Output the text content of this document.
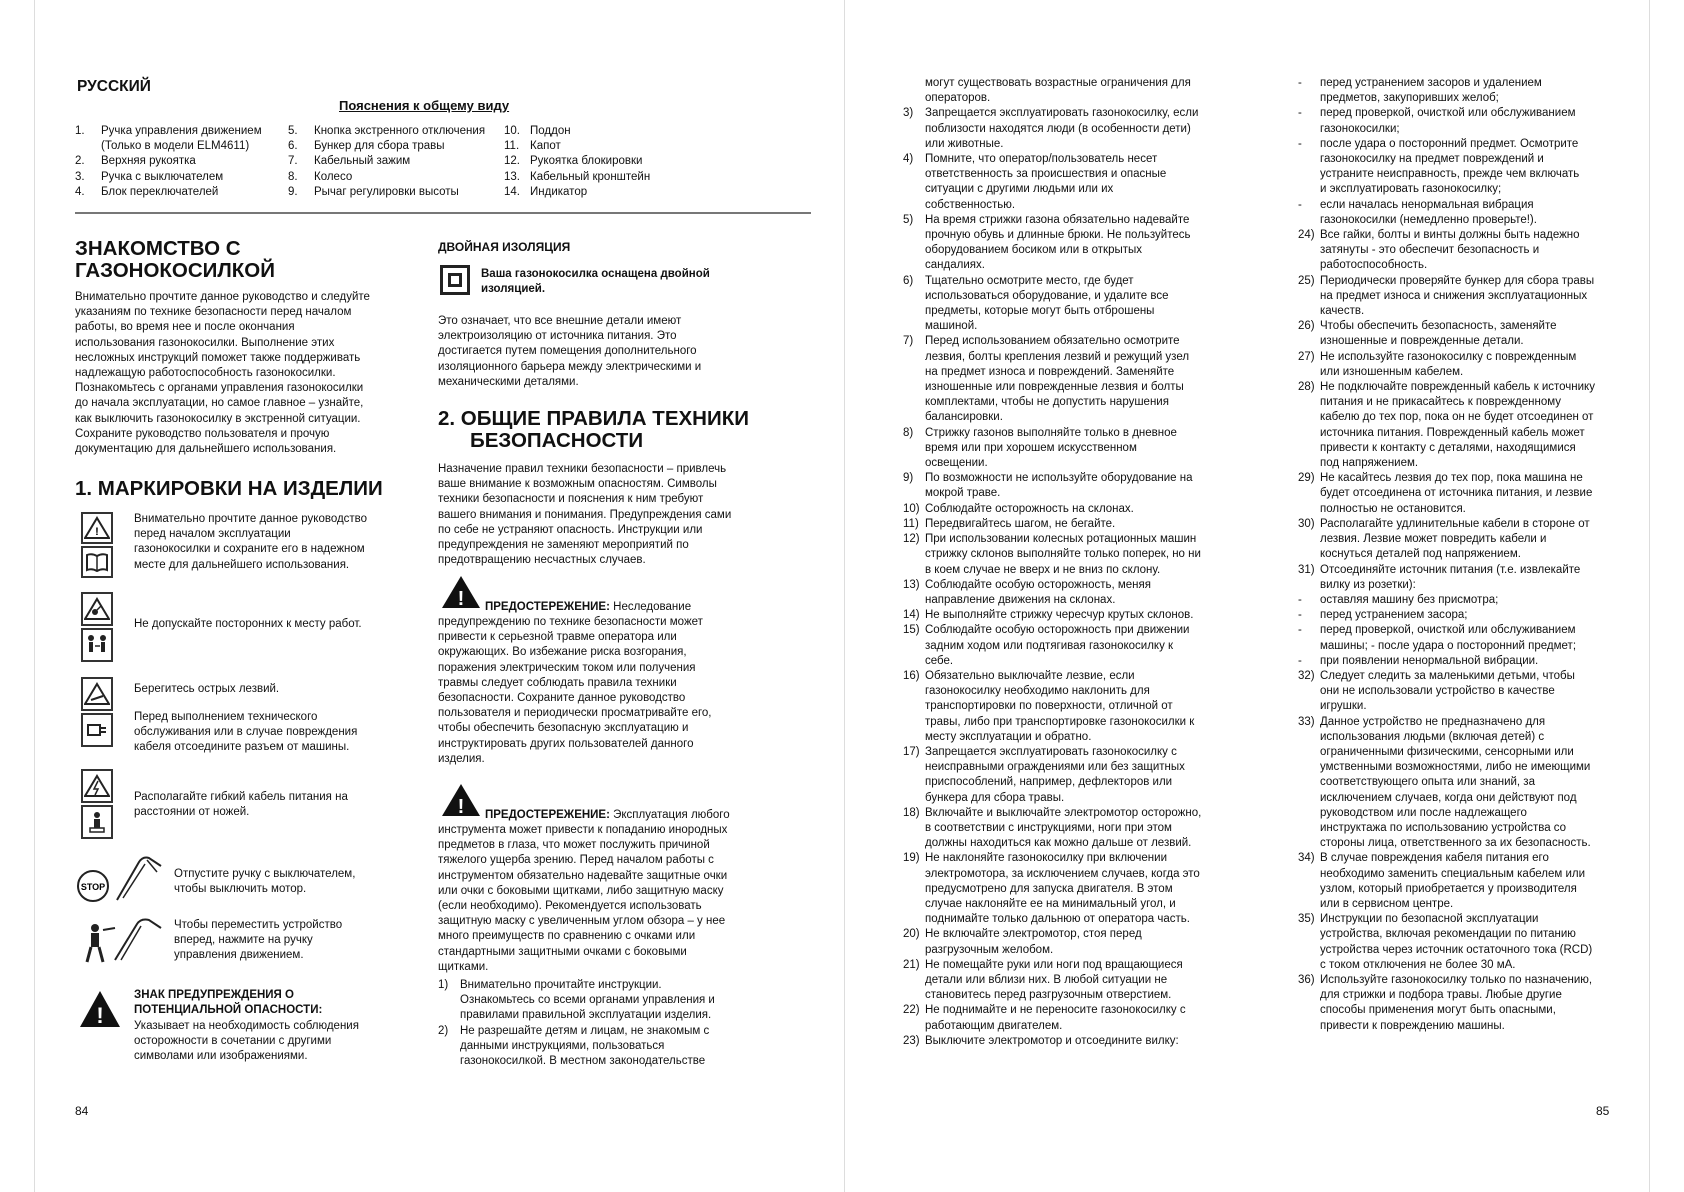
РУССКИЙ
Пояснения к общему виду
1. Ручка управления движением
(Только в модели ELM4611)
2. Верхняя рукоятка
3. Ручка с выключателем
4. Блок переключателей
5. Кнопка экстренного отключения
6. Бункер для сбора травы
7. Кабельный зажим
8. Колесо
9. Рычаг регулировки высоты
10. Поддон
11. Капот
12. Рукоятка блокировки
13. Кабельный кронштейн
14. Индикатор
ЗНАКОМСТВО С
ГАЗОНОКОСИЛКОЙ
Внимательно прочтите данное руководство и следуйте
указаниям по технике безопасности перед началом
работы, во время нее и после окончания
использования газонокосилки. Выполнение этих
несложных инструкций поможет также поддерживать
надлежащую работоспособность газонокосилки.
Познакомьтесь с органами управления газонокосилки
до начала эксплуатации, но самое главное – узнайте,
как выключить газонокосилку в экстренной ситуации.
Сохраните руководство пользователя и прочую
документацию для дальнейшего использования.
1. МАРКИРОВКИ НА ИЗДЕЛИИ
!
Внимательно прочтите данное руководство
перед началом эксплуатации
газонокосилки и сохраните его в надежном
месте для дальнейшего использования.
Не допускайте посторонних к месту работ.
Берегитесь острых лезвий.
Перед выполнением технического
обслуживания или в случае повреждения
кабеля отсоедините разъем от машины.
Располагайте гибкий кабель питания на
расстоянии от ножей.
STOP
Отпустите ручку с выключателем,
чтобы выключить мотор.
Чтобы переместить устройство
вперед, нажмите на ручку
управления движением.
!
ЗНАК ПРЕДУПРЕЖДЕНИЯ О
ПОТЕНЦИАЛЬНОЙ ОПАСНОСТИ:
Указывает на необходимость соблюдения
осторожности в сочетании с другими
символами или изображениями.
ДВОЙНАЯ ИЗОЛЯЦИЯ
Ваша газонокосилка оснащена двойной
изоляцией.
Это означает, что все внешние детали имеют
электроизоляцию от источника питания. Это
достигается путем помещения дополнительного
изоляционного барьера между электрическими и
механическими деталями.
2. ОБЩИЕ ПРАВИЛА ТЕХНИКИ
БЕЗОПАСНОСТИ
Назначение правил техники безопасности – привлечь
ваше внимание к возможным опасностям. Символы
техники безопасности и пояснения к ним требуют
вашего внимания и понимания. Предупреждения сами
по себе не устраняют опасность. Инструкции или
предупреждения не заменяют мероприятий по
предотвращению несчастных случаев.
! ПРЕДОСТЕРЕЖЕНИЕ: Неследование
предупреждению по технике безопасности может
привести к серьезной травме оператора или
окружающих. Во избежание риска возгорания,
поражения электрическим током или получения
травмы следует соблюдать правила техники
безопасности. Сохраните данное руководство
пользователя и периодически просматривайте его,
чтобы обеспечить безопасную эксплуатацию и
инструктировать других пользователей данного
изделия.
! ПРЕДОСТЕРЕЖЕНИЕ: Эксплуатация любого
инструмента может привести к попаданию инородных
предметов в глаза, что может послужить причиной
тяжелого ущерба зрению. Перед началом работы с
инструментом обязательно надевайте защитные очки
или очки с боковыми щитками, либо защитную маску
(если необходимо). Рекомендуется использовать
защитную маску с увеличенным углом обзора – у нее
много преимуществ по сравнению с очками или
стандартными защитными очками с боковыми
щитками.
1) Внимательно прочитайте инструкции.
Ознакомьтесь со всеми органами управления и
правилами правильной эксплуатации изделия.
2) Не разрешайте детям и лицам, не знакомым с
данными инструкциями, пользоваться
газонокосилкой. В местном законодательстве
84
могут существовать возрастные ограничения для
операторов.
3) Запрещается эксплуатировать газонокосилку, если
поблизости находятся люди (в особенности дети)
или животные.
4) Помните, что оператор/пользователь несет
ответственность за происшествия и опасные
ситуации с другими людьми или их
собственностью.
5) На время стрижки газона обязательно надевайте
прочную обувь и длинные брюки. Не пользуйтесь
оборудованием босиком или в открытых
сандалиях.
6) Тщательно осмотрите место, где будет
использоваться оборудование, и удалите все
предметы, которые могут быть отброшены
машиной.
7) Перед использованием обязательно осмотрите
лезвия, болты крепления лезвий и режущий узел
на предмет износа и повреждений. Заменяйте
изношенные или поврежденные лезвия и болты
комплектами, чтобы не допустить нарушения
балансировки.
8) Стрижку газонов выполняйте только в дневное
время или при хорошем искусственном
освещении.
9) По возможности не используйте оборудование на
мокрой траве.
10) Соблюдайте осторожность на склонах.
11) Передвигайтесь шагом, не бегайте.
12) При использовании колесных ротационных машин
стрижку склонов выполняйте только поперек, но ни
в коем случае не вверх и не вниз по склону.
13) Соблюдайте особую осторожность, меняя
направление движения на склонах.
14) Не выполняйте стрижку чересчур крутых склонов.
15) Соблюдайте особую осторожность при движении
задним ходом или подтягивая газонокосилку к
себе.
16) Обязательно выключайте лезвие, если
газонокосилку необходимо наклонить для
транспортировки по поверхности, отличной от
травы, либо при транспортировке газонокосилки к
месту эксплуатации и обратно.
17) Запрещается эксплуатировать газонокосилку с
неисправными ограждениями или без защитных
приспособлений, например, дефлекторов или
бункера для сбора травы.
18) Включайте и выключайте электромотор осторожно,
в соответствии с инструкциями, ноги при этом
должны находиться как можно дальше от лезвий.
19) Не наклоняйте газонокосилку при включении
электромотора, за исключением случаев, когда это
предусмотрено для запуска двигателя. В этом
случае наклоняйте ее на минимальный угол, и
поднимайте только дальнюю от оператора часть.
20) Не включайте электромотор, стоя перед
разгрузочным желобом.
21) Не помещайте руки или ноги под вращающиеся
детали или вблизи них. В любой ситуации не
становитесь перед разгрузочным отверстием.
22) Не поднимайте и не переносите газонокосилку с
работающим двигателем.
23) Выключите электромотор и отсоедините вилку:
- перед устранением засоров и удалением
предметов, закупоривших желоб;
- перед проверкой, очисткой или обслуживанием
газонокосилки;
- после удара о посторонний предмет. Осмотрите
газонокосилку на предмет повреждений и
устраните неисправность, прежде чем включать
и эксплуатировать газонокосилку;
- если началась ненормальная вибрация
газонокосилки (немедленно проверьте!).
24) Все гайки, болты и винты должны быть надежно
затянуты - это обеспечит безопасность и
работоспособность.
25) Периодически проверяйте бункер для сбора травы
на предмет износа и снижения эксплуатационных
качеств.
26) Чтобы обеспечить безопасность, заменяйте
изношенные и поврежденные детали.
27) Не используйте газонокосилку с поврежденным
или изношенным кабелем.
28) Не подключайте поврежденный кабель к источнику
питания и не прикасайтесь к поврежденному
кабелю до тех пор, пока он не будет отсоединен от
источника питания. Поврежденный кабель может
привести к контакту с деталями, находящимися
под напряжением.
29) Не касайтесь лезвия до тех пор, пока машина не
будет отсоединена от источника питания, и лезвие
полностью не остановится.
30) Располагайте удлинительные кабели в стороне от
лезвия. Лезвие может повредить кабели и
коснуться деталей под напряжением.
31) Отсоединяйте источник питания (т.е. извлекайте
вилку из розетки):
- оставляя машину без присмотра;
- перед устранением засора;
- перед проверкой, очисткой или обслуживанием
машины; - после удара о посторонний предмет;
- при появлении ненормальной вибрации.
32) Следует следить за маленькими детьми, чтобы
они не использовали устройство в качестве
игрушки.
33) Данное устройство не предназначено для
использования людьми (включая детей) с
ограниченными физическими, сенсорными или
умственными возможностями, либо не имеющими
соответствующего опыта или знаний, за
исключением случаев, когда они действуют под
руководством или после надлежащего
инструктажа по использованию устройства со
стороны лица, ответственного за их безопасность.
34) В случае повреждения кабеля питания его
необходимо заменить специальным кабелем или
узлом, который приобретается у производителя
или в сервисном центре.
35) Инструкции по безопасной эксплуатации
устройства, включая рекомендации по питанию
устройства через источник остаточного тока (RCD)
с током отключения не более 30 мА.
36) Используйте газонокосилку только по назначению,
для стрижки и подбора травы. Любые другие
способы применения могут быть опасными,
привести к повреждению машины.
85
